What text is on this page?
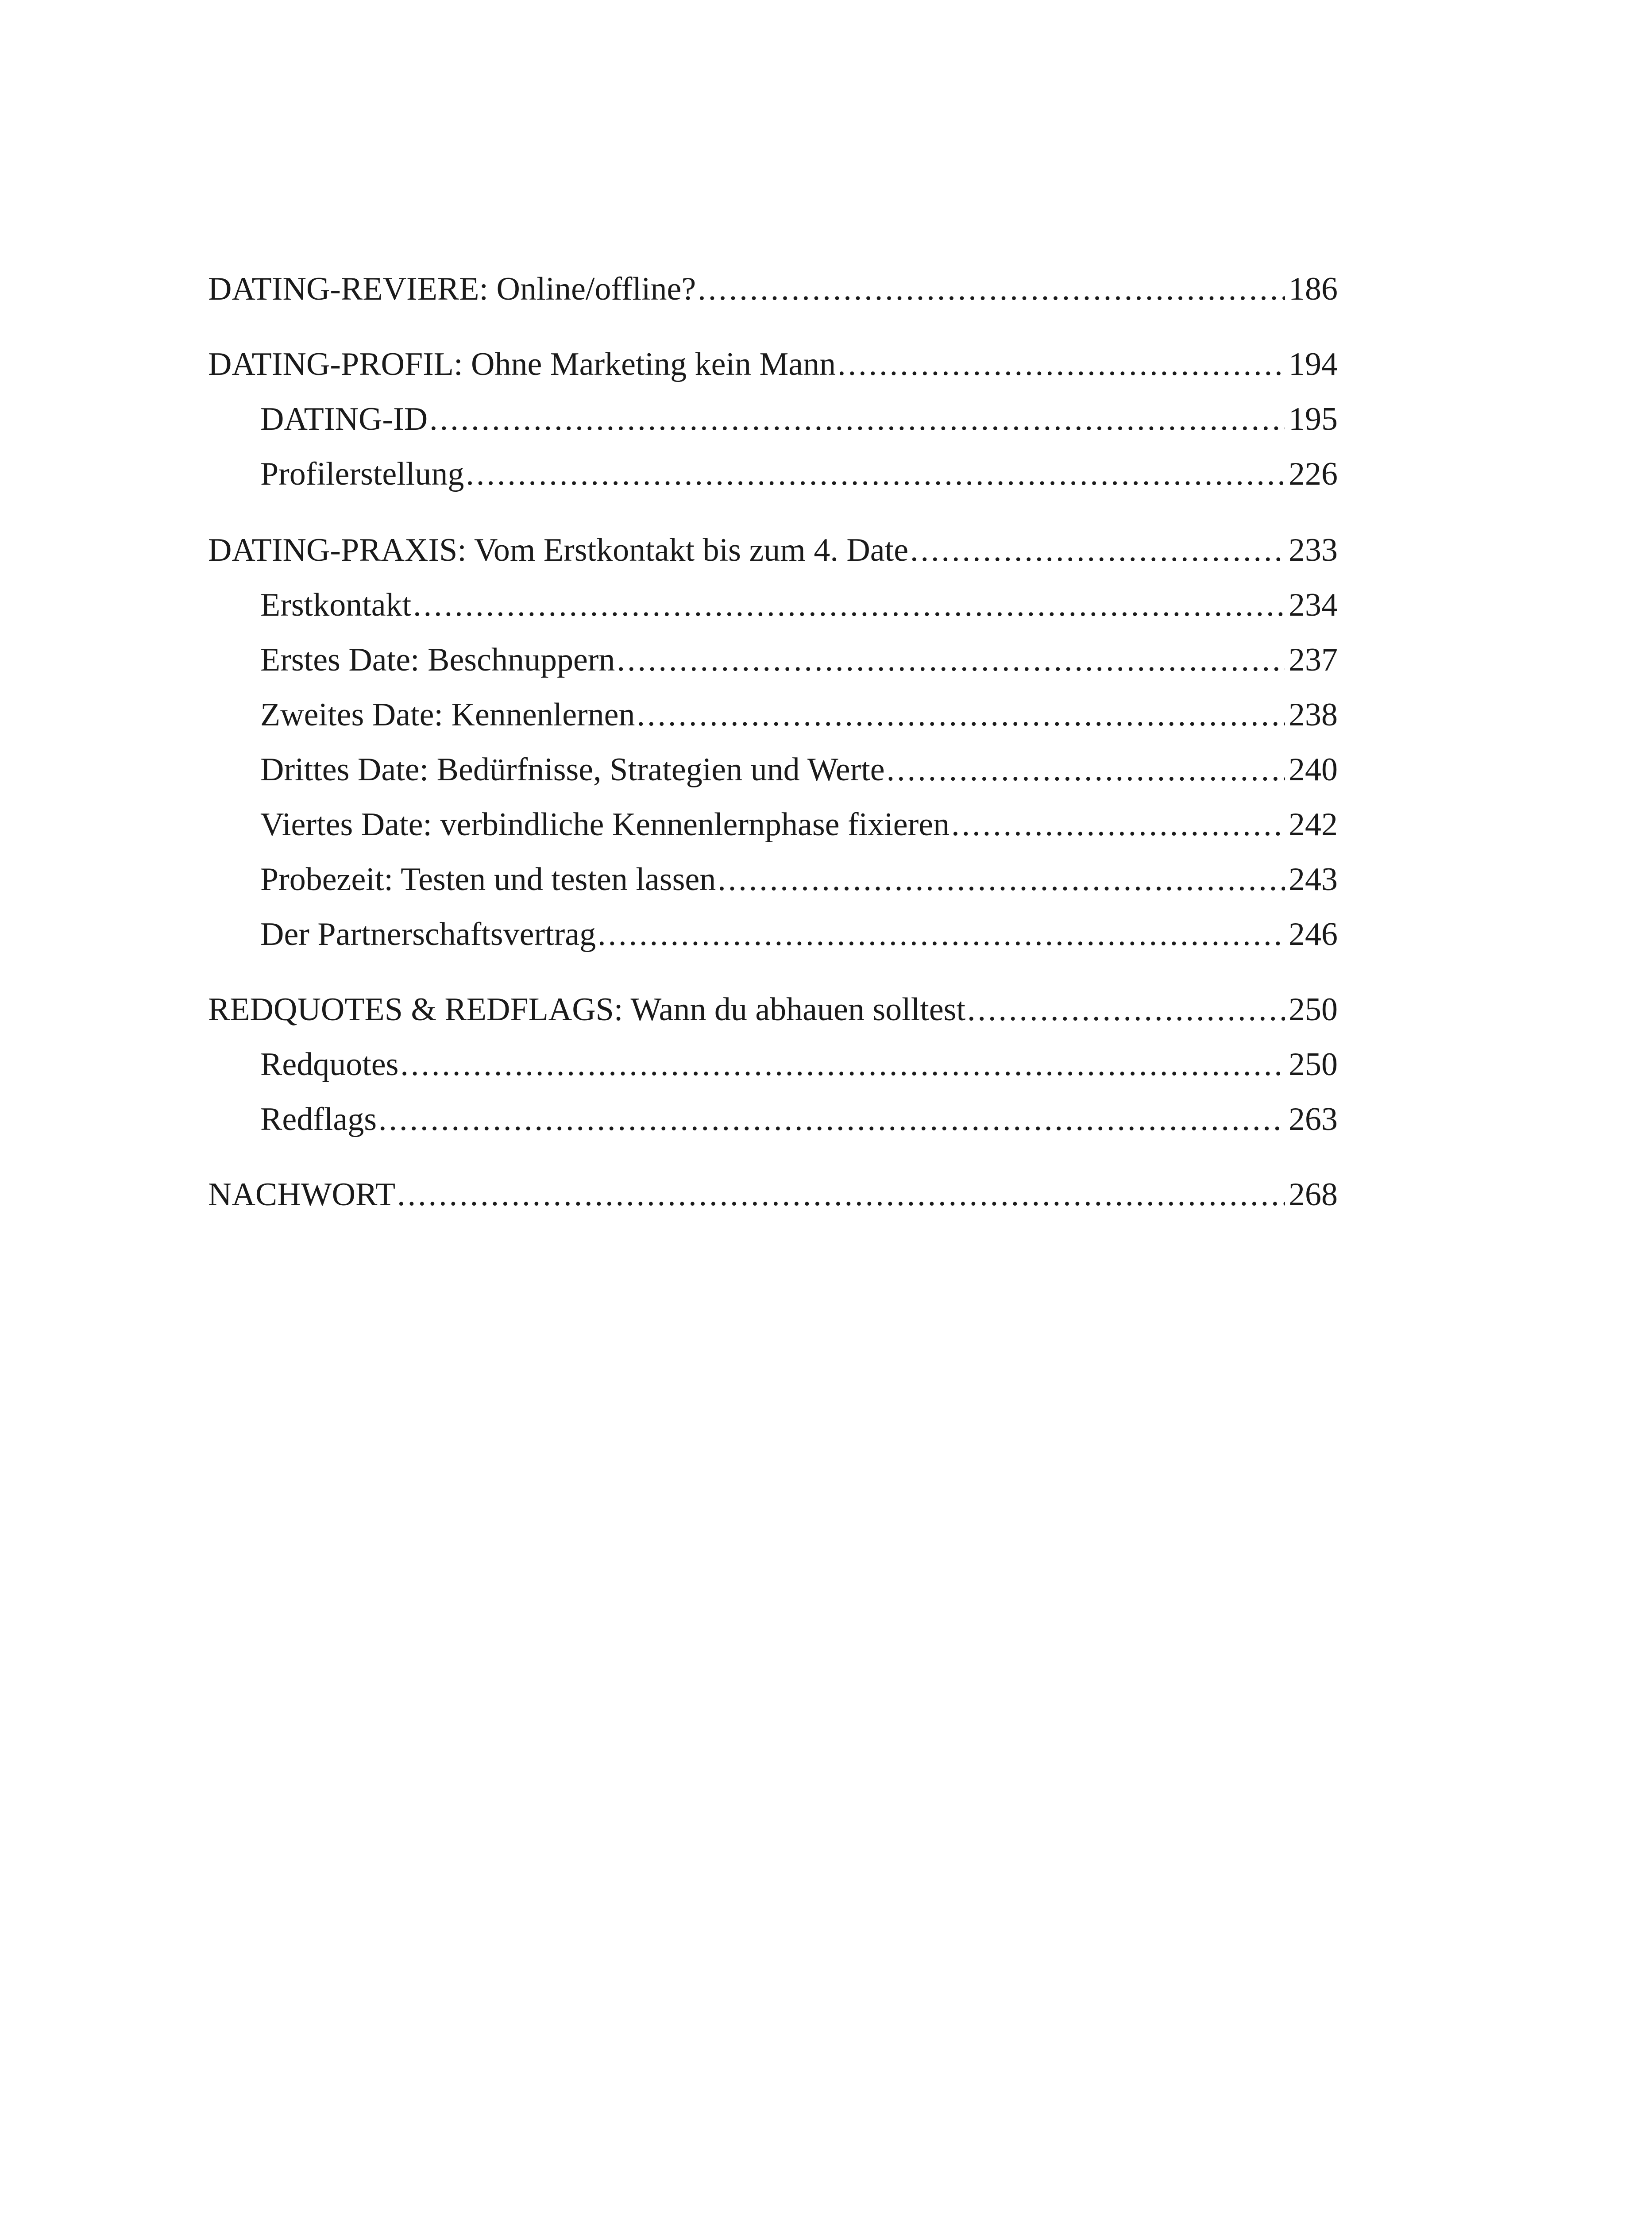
DATING-REVIERE: Online/offline? .....	186
DATING-PROFIL: Ohne Marketing kein Mann .....	194
DATING-ID .....	195
Profilerstellung .....	226
DATING-PRAXIS: Vom Erstkontakt bis zum 4. Date .....	233
Erstkontakt .....	234
Erstes Date: Beschnuppern .....	237
Zweites Date: Kennenlernen .....	238
Drittes Date: Bedürfnisse, Strategien und Werte .....	240
Viertes Date: verbindliche Kennenlernphase fixieren .....	242
Probezeit: Testen und testen lassen .....	243
Der Partnerschaftsvertrag .....	246
REDQUOTES & REDFLAGS: Wann du abhauen solltest .....	250
Redquotes .....	250
Redflags .....	263
NACHWORT .....	268
